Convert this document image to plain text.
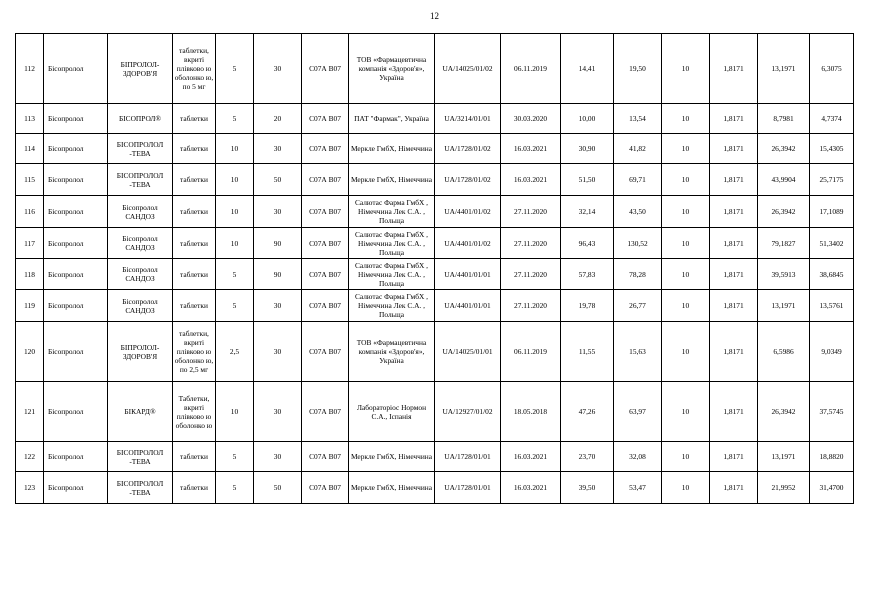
12
112	Бісопролол	БІПРОЛОЛ-ЗДОРОВ'Я	таблетки, вкриті плівково ю оболонко ю, по 5 мг	5	30	С07А В07	ТОВ «Фармацевтична компанія «Здоров'я», Україна	UA/14025/01/02	06.11.2019	14,41	19,50	10	1,8171	13,1971	6,3075
113	Бісопролол	БІСОПРОЛ®	таблетки	5	20	С07А В07	ПАТ "Фармак", Україна	UA/3214/01/01	30.03.2020	10,00	13,54	10	1,8171	8,7981	4,7374
114	Бісопролол	БІСОПРОЛОЛ -ТЕВА	таблетки	10	30	С07А В07	Меркле ГмбХ, Німеччина	UA/1728/01/02	16.03.2021	30,90	41,82	10	1,8171	26,3942	15,4305
115	Бісопролол	БІСОПРОЛОЛ -ТЕВА	таблетки	10	50	С07А В07	Меркле ГмбХ, Німеччина	UA/1728/01/02	16.03.2021	51,50	69,71	10	1,8171	43,9904	25,7175
116	Бісопролол	Бісопролол САНДОЗ	таблетки	10	30	С07А В07	Салютас Фарма ГмбХ , Німеччина Лек С.А. , Польща	UA/4401/01/02	27.11.2020	32,14	43,50	10	1,8171	26,3942	17,1089
117	Бісопролол	Бісопролол САНДОЗ	таблетки	10	90	С07А В07	Салютас Фарма ГмбХ , Німеччина Лек С.А. , Польща	UA/4401/01/02	27.11.2020	96,43	130,52	10	1,8171	79,1827	51,3402
118	Бісопролол	Бісопролол САНДОЗ	таблетки	5	90	С07А В07	Салютас Фарма ГмбХ , Німеччина Лек С.А. , Польща	UA/4401/01/01	27.11.2020	57,83	78,28	10	1,8171	39,5913	38,6845
119	Бісопролол	Бісопролол САНДОЗ	таблетки	5	30	С07А В07	Салютас Фарма ГмбХ , Німеччина Лек С.А. , Польща	UA/4401/01/01	27.11.2020	19,78	26,77	10	1,8171	13,1971	13,5761
120	Бісопролол	БІПРОЛОЛ-ЗДОРОВ'Я	таблетки, вкриті плівково ю оболонко ю, по 2,5 мг	2,5	30	С07А В07	ТОВ «Фармацевтична компанія «Здоров'я», Україна	UA/14025/01/01	06.11.2019	11,55	15,63	10	1,8171	6,5986	9,0349
121	Бісопролол	БІКАРД®	Таблетки, вкриті плівково ю оболонко ю	10	30	С07А В07	Лабораторіос Нормон С.А., Іспанія	UA/12927/01/02	18.05.2018	47,26	63,97	10	1,8171	26,3942	37,5745
122	Бісопролол	БІСОПРОЛОЛ -ТЕВА	таблетки	5	30	С07А В07	Меркле ГмбХ, Німеччина	UA/1728/01/01	16.03.2021	23,70	32,08	10	1,8171	13,1971	18,8820
123	Бісопролол	БІСОПРОЛОЛ -ТЕВА	таблетки	5	50	С07А В07	Меркле ГмбХ, Німеччина	UA/1728/01/01	16.03.2021	39,50	53,47	10	1,8171	21,9952	31,4700
